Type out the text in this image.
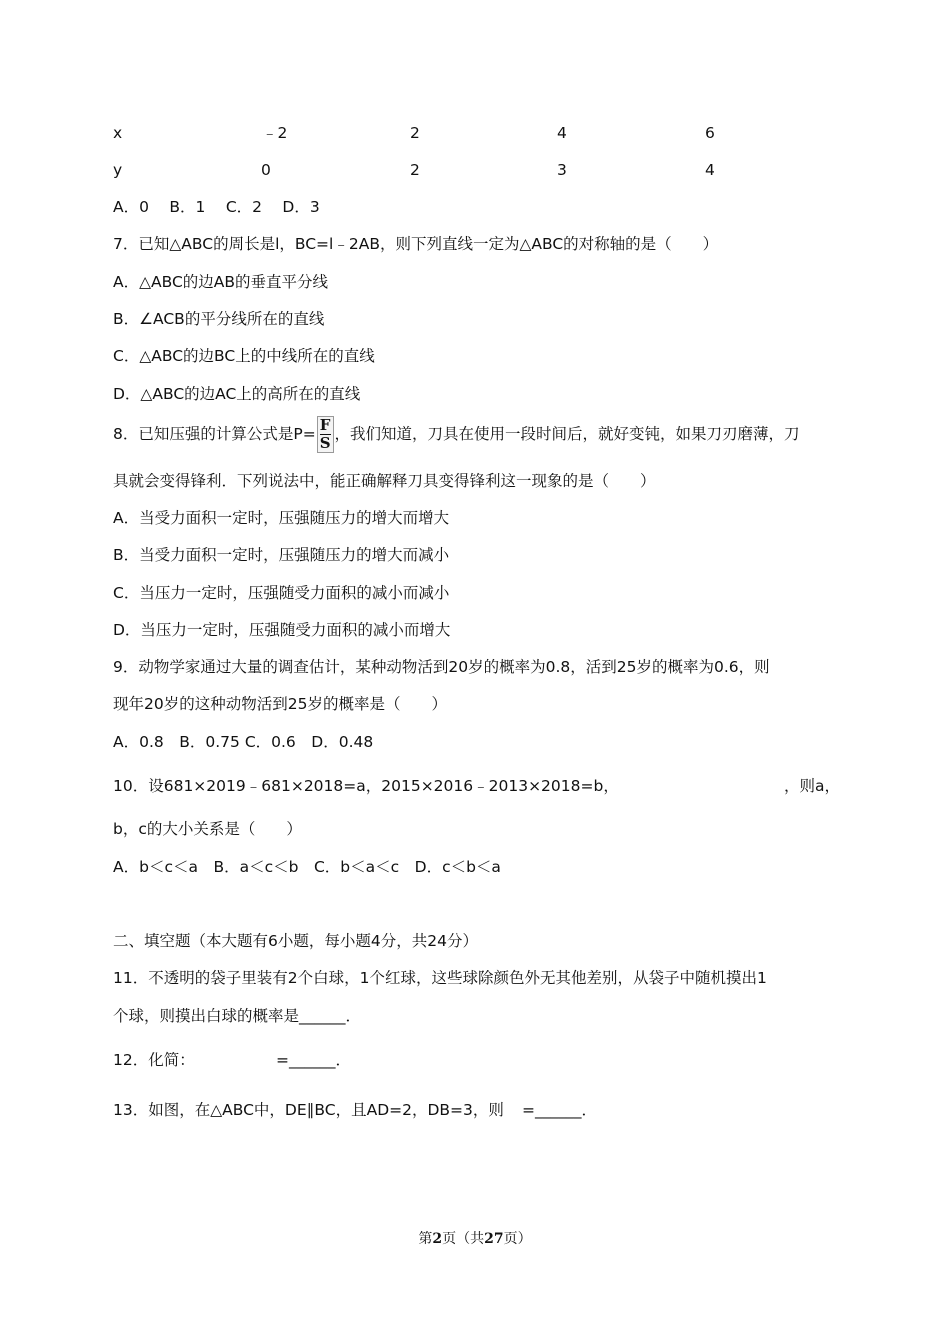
x	﹣2	2	4	6
y	0	2	3	4
A．0　 B．1　 C．2　 D．3
7．已知△ABC的周长是l，BC=l﹣2AB，则下列直线一定为△ABC的对称轴的是（　　）
A．△ABC的边AB的垂直平分线
B．∠ACB的平分线所在的直线
C．△ABC的边BC上的中线所在的直线
D．△ABC的边AC上的高所在的直线
8．已知压强的计算公式是$P= \frac{F}{S}$ ，我们知道，刀具在使用一段时间后，就好变钝，如果刀刃磨薄，刀
具就会变得锋利．下列说法中，能正确解释刀具变得锋利这一现象的是（　　）
A．当受力面积一定时，压强随压力的增大而增大
B．当受力面积一定时，压强随压力的增大而减小
C．当压力一定时，压强随受力面积的减小而减小
D．当压力一定时，压强随受力面积的减小而增大
9．动物学家通过大量的调查估计，某种动物活到20岁的概率为0.8，活到25岁的概率为0.6，则
现年20岁的这种动物活到25岁的概率是（　　）
A．0.8　B．0.75 C．0.6　D．0.48
10．设681×2019﹣681×2018=a，2015×2016﹣2013×2018=b，	，则a，
b，c的大小关系是（　　）
A．b＜c＜a　B．a＜c＜b　C．b＜a＜c　D．c＜b＜a
二、填空题（本大题有6小题，每小题4分，共24分）
11．不透明的袋子里装有2个白球，1个红球，这些球除颜色外无其他差别，从袋子中随机摸出1
个球，则摸出白球的概率是______．
12．化简：	=______．
13．如图，在△ABC中，DE∥BC，且AD=2，DB=3，则 =______．
第2页（共27页）
